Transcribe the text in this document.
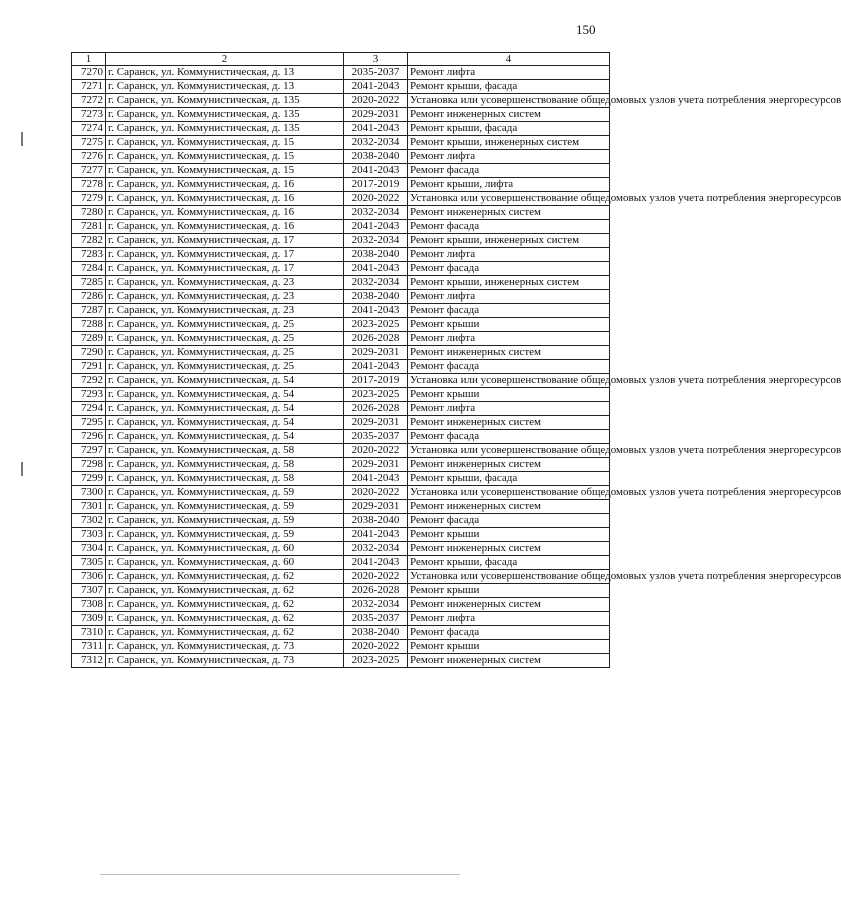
150
1	2	3	4
7270	г. Саранск, ул. Коммунистическая, д. 13	2035-2037	Ремонт лифта
7271	г. Саранск, ул. Коммунистическая, д. 13	2041-2043	Ремонт крыши, фасада
7272	г. Саранск, ул. Коммунистическая, д. 135	2020-2022	Установка или усовершенствование общедомовых узлов учета потребления энергоресурсов
7273	г. Саранск, ул. Коммунистическая, д. 135	2029-2031	Ремонт инженерных систем
7274	г. Саранск, ул. Коммунистическая, д. 135	2041-2043	Ремонт крыши, фасада
7275	г. Саранск, ул. Коммунистическая, д. 15	2032-2034	Ремонт крыши, инженерных систем
7276	г. Саранск, ул. Коммунистическая, д. 15	2038-2040	Ремонт лифта
7277	г. Саранск, ул. Коммунистическая, д. 15	2041-2043	Ремонт фасада
7278	г. Саранск, ул. Коммунистическая, д. 16	2017-2019	Ремонт крыши, лифта
7279	г. Саранск, ул. Коммунистическая, д. 16	2020-2022	Установка или усовершенствование общедомовых узлов учета потребления энергоресурсов
7280	г. Саранск, ул. Коммунистическая, д. 16	2032-2034	Ремонт инженерных систем
7281	г. Саранск, ул. Коммунистическая, д. 16	2041-2043	Ремонт фасада
7282	г. Саранск, ул. Коммунистическая, д. 17	2032-2034	Ремонт крыши, инженерных систем
7283	г. Саранск, ул. Коммунистическая, д. 17	2038-2040	Ремонт лифта
7284	г. Саранск, ул. Коммунистическая, д. 17	2041-2043	Ремонт фасада
7285	г. Саранск, ул. Коммунистическая, д. 23	2032-2034	Ремонт крыши, инженерных систем
7286	г. Саранск, ул. Коммунистическая, д. 23	2038-2040	Ремонт лифта
7287	г. Саранск, ул. Коммунистическая, д. 23	2041-2043	Ремонт фасада
7288	г. Саранск, ул. Коммунистическая, д. 25	2023-2025	Ремонт крыши
7289	г. Саранск, ул. Коммунистическая, д. 25	2026-2028	Ремонт лифта
7290	г. Саранск, ул. Коммунистическая, д. 25	2029-2031	Ремонт инженерных систем
7291	г. Саранск, ул. Коммунистическая, д. 25	2041-2043	Ремонт фасада
7292	г. Саранск, ул. Коммунистическая, д. 54	2017-2019	Установка или усовершенствование общедомовых узлов учета потребления энергоресурсов
7293	г. Саранск, ул. Коммунистическая, д. 54	2023-2025	Ремонт крыши
7294	г. Саранск, ул. Коммунистическая, д. 54	2026-2028	Ремонт лифта
7295	г. Саранск, ул. Коммунистическая, д. 54	2029-2031	Ремонт инженерных систем
7296	г. Саранск, ул. Коммунистическая, д. 54	2035-2037	Ремонт фасада
7297	г. Саранск, ул. Коммунистическая, д. 58	2020-2022	Установка или усовершенствование общедомовых узлов учета потребления энергоресурсов
7298	г. Саранск, ул. Коммунистическая, д. 58	2029-2031	Ремонт инженерных систем
7299	г. Саранск, ул. Коммунистическая, д. 58	2041-2043	Ремонт крыши, фасада
7300	г. Саранск, ул. Коммунистическая, д. 59	2020-2022	Установка или усовершенствование общедомовых узлов учета потребления энергоресурсов
7301	г. Саранск, ул. Коммунистическая, д. 59	2029-2031	Ремонт инженерных систем
7302	г. Саранск, ул. Коммунистическая, д. 59	2038-2040	Ремонт фасада
7303	г. Саранск, ул. Коммунистическая, д. 59	2041-2043	Ремонт крыши
7304	г. Саранск, ул. Коммунистическая, д. 60	2032-2034	Ремонт инженерных систем
7305	г. Саранск, ул. Коммунистическая, д. 60	2041-2043	Ремонт крыши, фасада
7306	г. Саранск, ул. Коммунистическая, д. 62	2020-2022	Установка или усовершенствование общедомовых узлов учета потребления энергоресурсов
7307	г. Саранск, ул. Коммунистическая, д. 62	2026-2028	Ремонт крыши
7308	г. Саранск, ул. Коммунистическая, д. 62	2032-2034	Ремонт инженерных систем
7309	г. Саранск, ул. Коммунистическая, д. 62	2035-2037	Ремонт лифта
7310	г. Саранск, ул. Коммунистическая, д. 62	2038-2040	Ремонт фасада
7311	г. Саранск, ул. Коммунистическая, д. 73	2020-2022	Ремонт крыши
7312	г. Саранск, ул. Коммунистическая, д. 73	2023-2025	Ремонт инженерных систем
